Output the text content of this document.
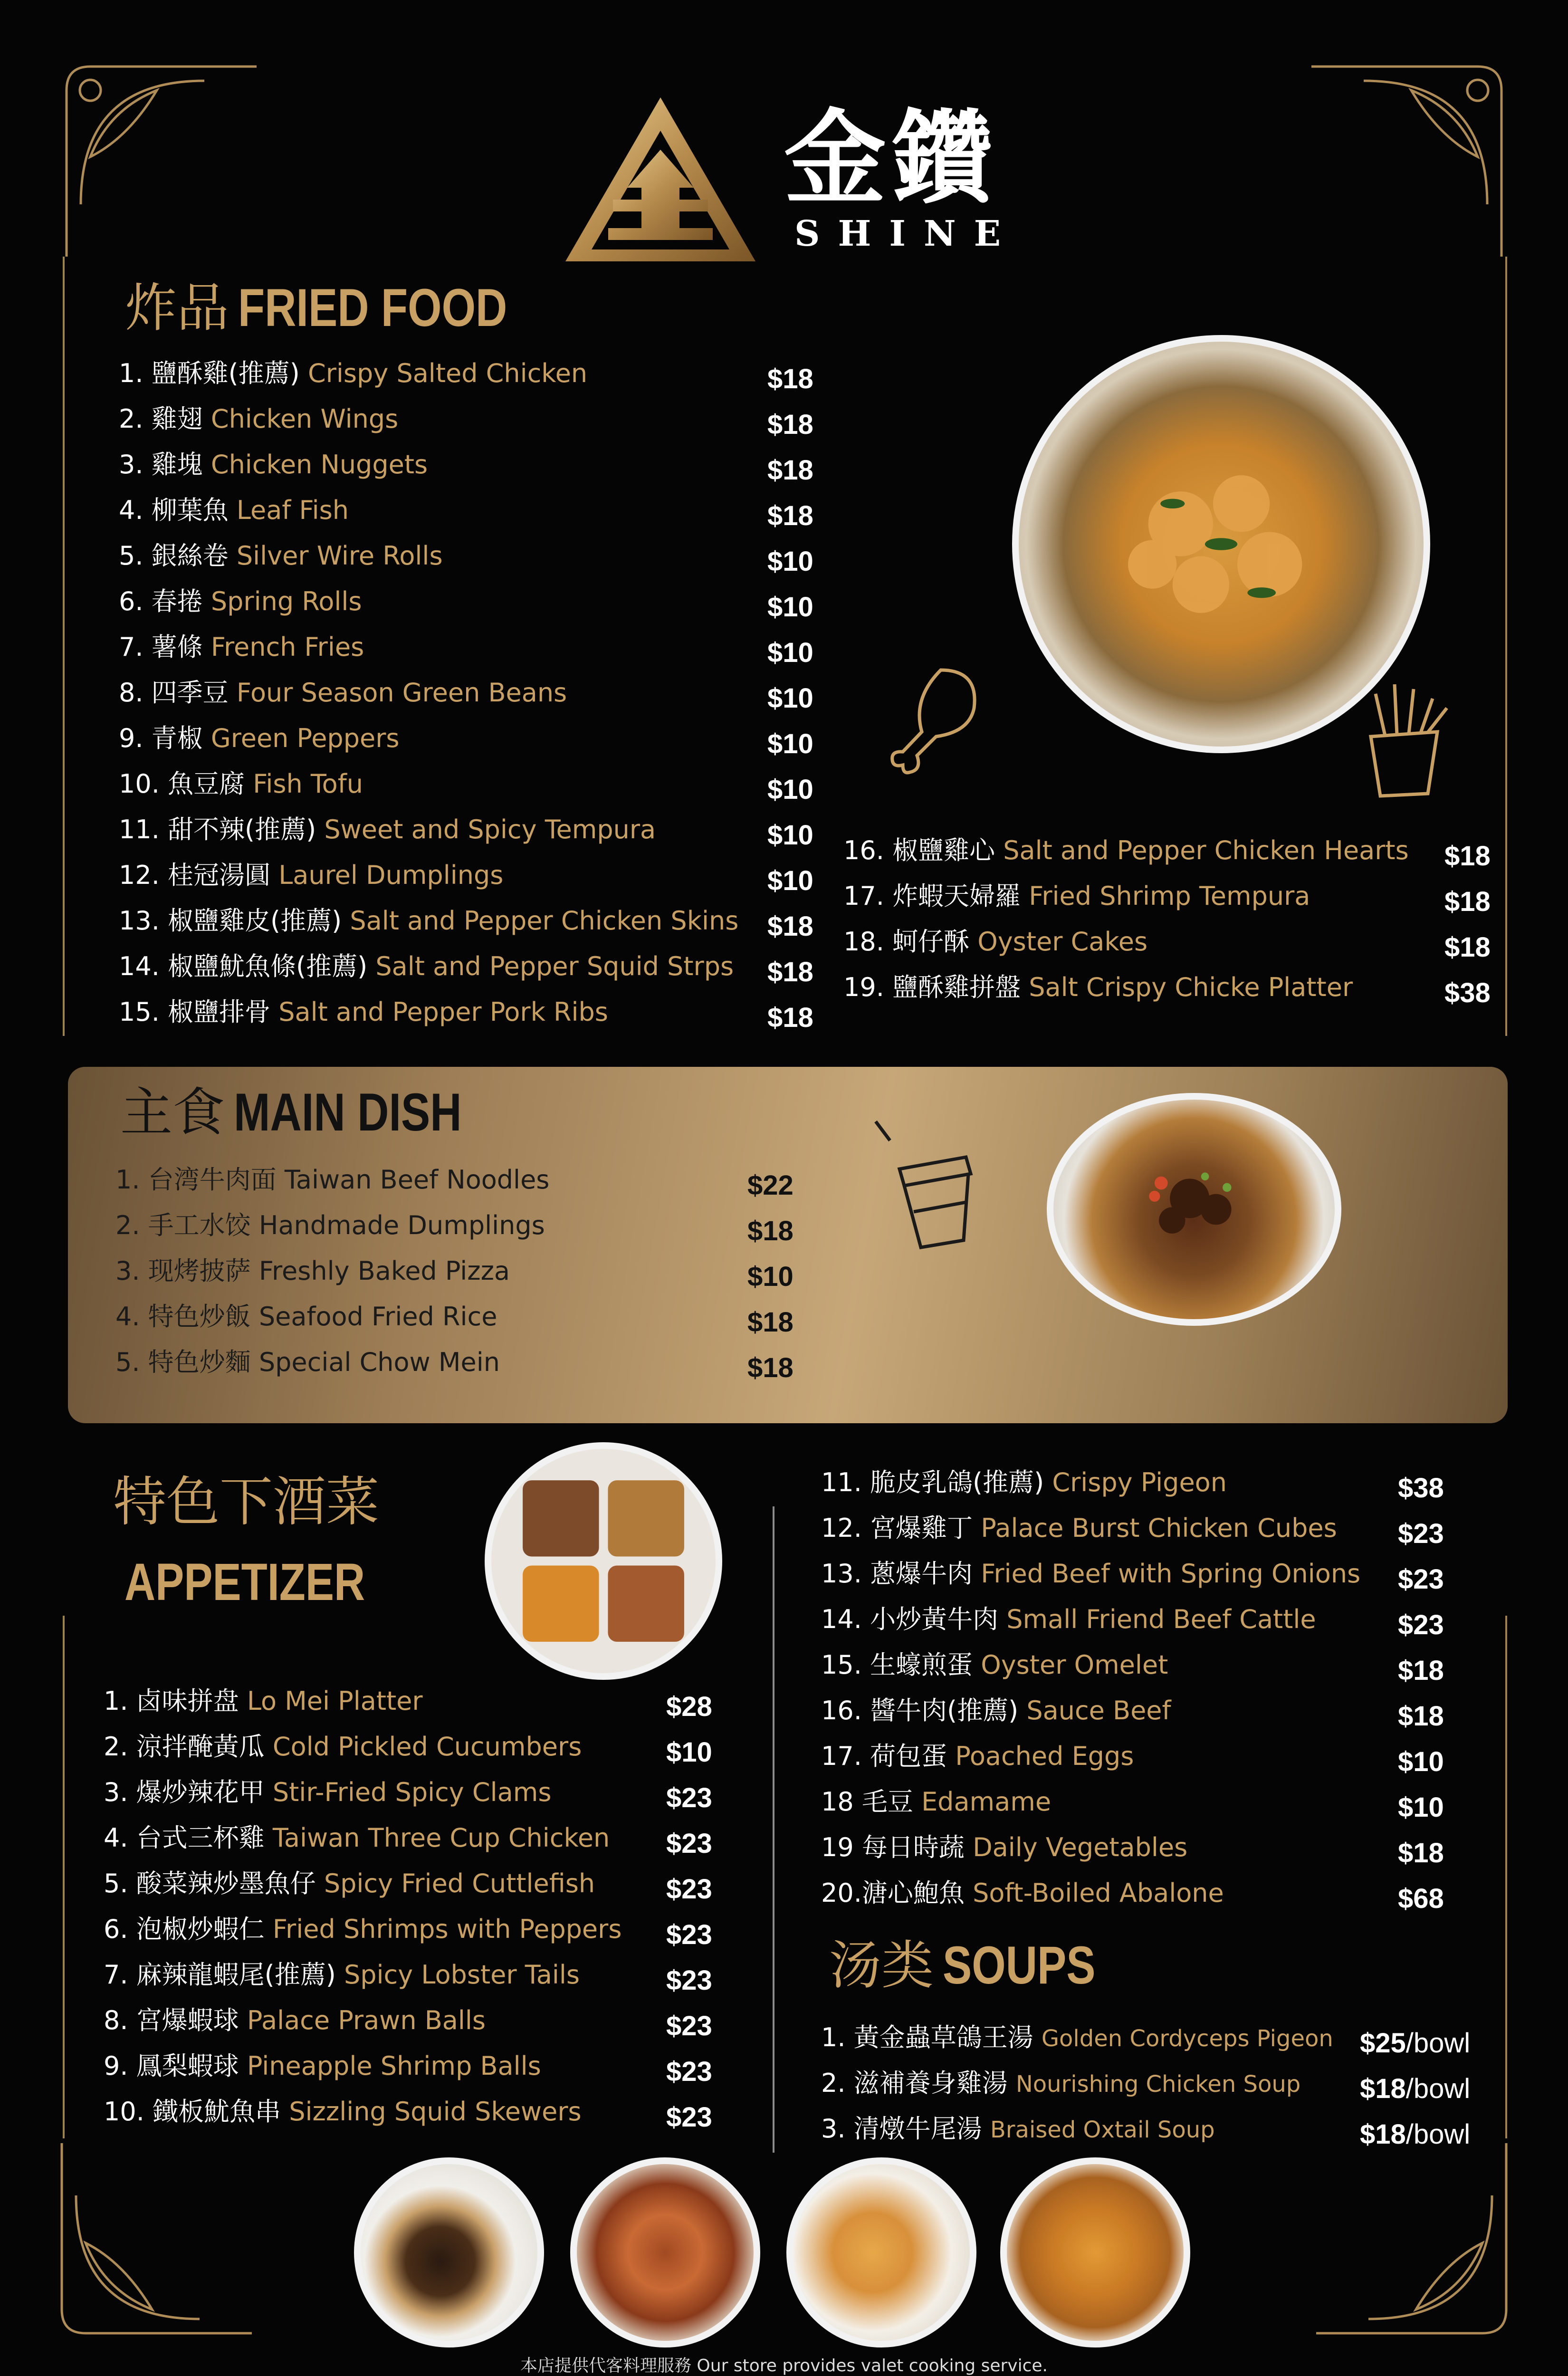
金鑽
SHINE
炸品 FRIED FOOD
1. 鹽酥雞(推薦) Crispy Salted Chicken	$18
2. 雞翅 Chicken Wings	$18
3. 雞塊 Chicken Nuggets	$18
4. 柳葉魚 Leaf Fish	$18
5. 銀絲卷 Silver Wire Rolls	$10
6. 春捲 Spring Rolls	$10
7. 薯條 French Fries	$10
8. 四季豆 Four Season Green Beans	$10
9. 青椒 Green Peppers	$10
10. 魚豆腐 Fish Tofu	$10
11. 甜不辣(推薦) Sweet and Spicy Tempura	$10
12. 桂冠湯圓 Laurel Dumplings	$10
13. 椒鹽雞皮(推薦) Salt and Pepper Chicken Skins $18
14. 椒鹽魷魚條(推薦) Salt and Pepper Squid Strps $18
15. 椒鹽排骨 Salt and Pepper Pork Ribs	$18
16. 椒鹽雞心 Salt and Pepper Chicken Hearts $18
17. 炸蝦天婦羅 Fried Shrimp Tempura	$18
18. 蚵仔酥 Oyster Cakes	$18
19. 鹽酥雞拼盤 Salt Crispy Chicke Platter	$38
主食 MAIN DISH
1. 台湾牛肉面 Taiwan Beef Noodles	$22
2. 手工水饺 Handmade Dumplings	$18
3. 现烤披萨 Freshly Baked Pizza	$10
4. 特色炒飯 Seafood Fried Rice	$18
5. 特色炒麵 Special Chow Mein	$18
特色下酒菜
APPETIZER
1. 卤味拼盘 Lo Mei Platter	$28
2. 涼拌醃黃瓜 Cold Pickled Cucumbers	$10
3. 爆炒辣花甲 Stir-Fried Spicy Clams	$23
4. 台式三杯雞 Taiwan Three Cup Chicken $23
5. 酸菜辣炒墨魚仔 Spicy Fried Cuttlefish	$23
6. 泡椒炒蝦仁 Fried Shrimps with Peppers $23
7. 麻辣龍蝦尾(推薦) Spicy Lobster Tails	$23
8. 宮爆蝦球 Palace Prawn Balls	$23
9. 鳳梨蝦球 Pineapple Shrimp Balls	$23
10. 鐵板魷魚串 Sizzling Squid Skewers	$23
11. 脆皮乳鴿(推薦) Crispy Pigeon	$38
12. 宮爆雞丁 Palace Burst Chicken Cubes $23
13. 蔥爆牛肉 Fried Beef with Spring Onions $23
14. 小炒黃牛肉 Small Friend Beef Cattle	$23
15. 生蠔煎蛋 Oyster Omelet	$18
16. 醬牛肉(推薦) Sauce Beef	$18
17. 荷包蛋 Poached Eggs	$10
18 毛豆 Edamame	$10
19 每日時蔬 Daily Vegetables	$18
20.溏心鮑魚 Soft-Boiled Abalone	$68
汤类 SOUPS
1. 黃金蟲草鴿王湯 Golden Cordyceps Pigeon $25/bowl
2. 滋補養身雞湯 Nourishing Chicken Soup $18/bowl
3. 清燉牛尾湯 Braised Oxtail Soup	$18/bowl
本店提供代客料理服務 Our store provides valet cooking service.
